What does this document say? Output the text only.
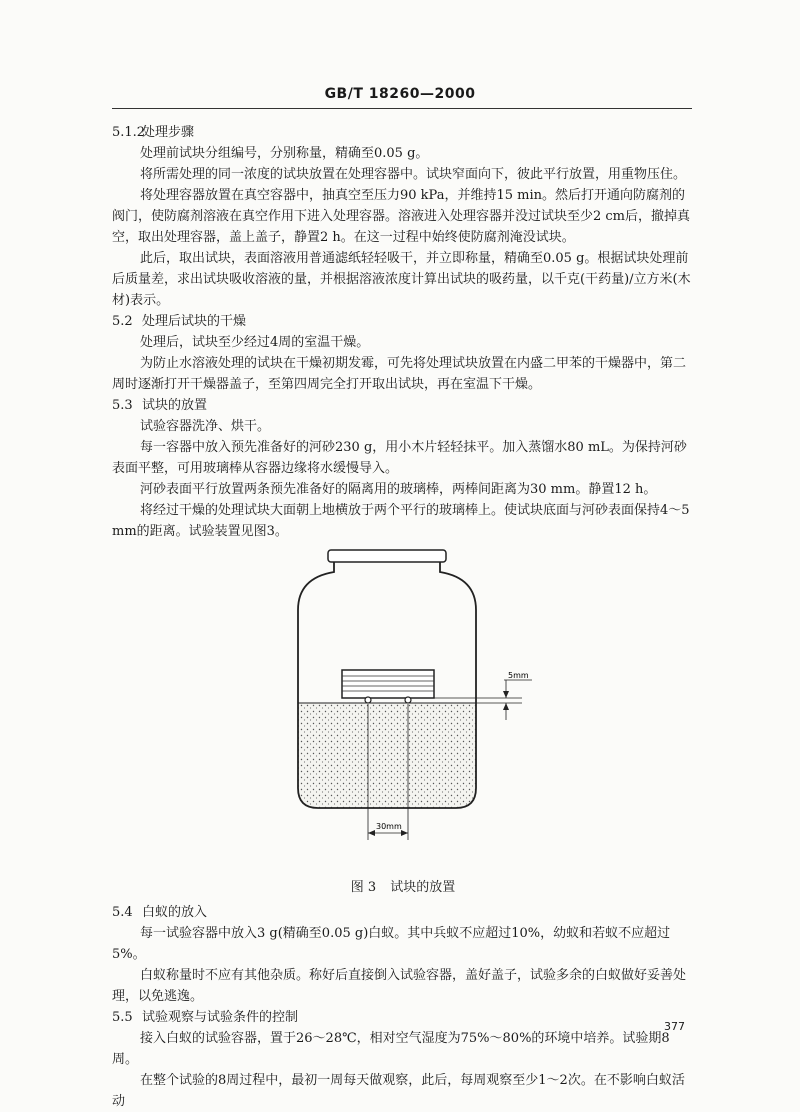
GB/T 18260—2000

5.1.2处理步骤

处理前试块分组编号，分别称量，精确至0.05 g。

将所需处理的同一浓度的试块放置在处理容器中。试块窄面向下，彼此平行放置，用重物压住。

将处理容器放置在真空容器中，抽真空至压力90 kPa，并维持15 min。然后打开通向防腐剂的阀门，使防腐剂溶液在真空作用下进入处理容器。溶液进入处理容器并没过试块至少2 cm后，撤掉真空，取出处理容器，盖上盖子，静置2 h。在这一过程中始终使防腐剂淹没试块。

此后，取出试块，表面溶液用普通滤纸轻轻吸干，并立即称量，精确至0.05 g。根据试块处理前后质量差，求出试块吸收溶液的量，并根据溶液浓度计算出试块的吸药量，以千克(干药量)/立方米(木材)表示。

5.2 处理后试块的干燥

处理后，试块至少经过4周的室温干燥。

为防止水溶液处理的试块在干燥初期发霉，可先将处理试块放置在内盛二甲苯的干燥器中，第二周时逐渐打开干燥器盖子，至第四周完全打开取出试块，再在室温下干燥。

5.3 试块的放置

试验容器洗净、烘干。

每一容器中放入预先准备好的河砂230 g，用小木片轻轻抹平。加入蒸馏水80 mL。为保持河砂表面平整，可用玻璃棒从容器边缘将水缓慢导入。

河砂表面平行放置两条预先准备好的隔离用的玻璃棒，两棒间距离为30 mm。静置12 h。

将经过干燥的处理试块大面朝上地横放于两个平行的玻璃棒上。使试块底面与河砂表面保持4～5 mm的距离。试验装置见图3。

5mm
30mm

图 3 试块的放置

5.4 白蚁的放入

每一试验容器中放入3 g(精确至0.05 g)白蚁。其中兵蚁不应超过10%，幼蚁和若蚁不应超过5%。

白蚁称量时不应有其他杂质。称好后直接倒入试验容器，盖好盖子，试验多余的白蚁做好妥善处理，以免逃逸。

5.5 试验观察与试验条件的控制

接入白蚁的试验容器，置于26～28℃，相对空气湿度为75%～80%的环境中培养。试验期8周。

在整个试验的8周过程中，最初一周每天做观察，此后，每周观察至少1～2次。在不影响白蚁活动

377
